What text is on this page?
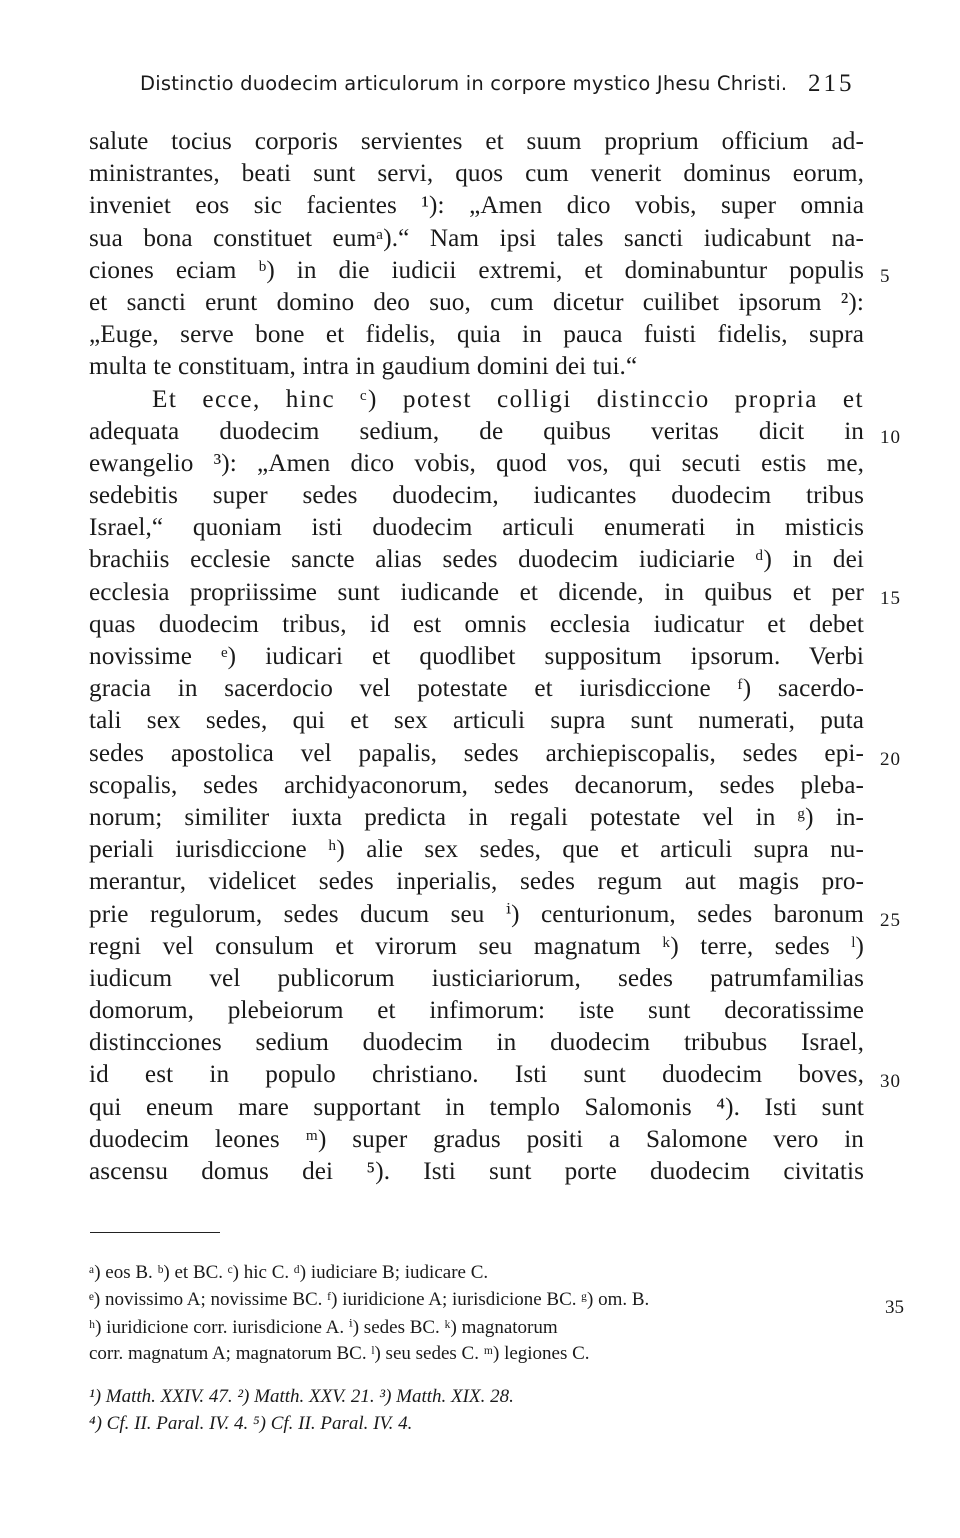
Distinctio duodecim articulorum in corpore mystico Jhesu Christi. 215
salute tocius corporis servientes et suum proprium officium ad-
ministrantes, beati sunt servi, quos cum venerit dominus eorum,
inveniet eos sic facientes ¹): „Amen dico vobis, super omnia
sua bona constituet eumᵃ).“ Nam ipsi tales sancti iudicabunt na-
ciones eciam ᵇ) in die iudicii extremi, et dominabuntur populis
et sancti erunt domino deo suo, cum dicetur cuilibet ipsorum ²):
„Euge, serve bone et fidelis, quia in pauca fuisti fidelis, supra
multa te constituam, intra in gaudium domini dei tui.“
Et ecce, hinc ᶜ) potest colligi distinccio propria et
adequata duodecim sedium, de quibus veritas dicit in
ewangelio ³): „Amen dico vobis, quod vos, qui secuti estis me,
sedebitis super sedes duodecim, iudicantes duodecim tribus
Israel,“ quoniam isti duodecim articuli enumerati in misticis
brachiis ecclesie sancte alias sedes duodecim iudiciarie ᵈ) in dei
ecclesia propriissime sunt iudicande et dicende, in quibus et per
quas duodecim tribus, id est omnis ecclesia iudicatur et debet
novissime ᵉ) iudicari et quodlibet suppositum ipsorum. Verbi
gracia in sacerdocio vel potestate et iurisdiccione ᶠ) sacerdo-
tali sex sedes, qui et sex articuli supra sunt numerati, puta
sedes apostolica vel papalis, sedes archiepiscopalis, sedes epi-
scopalis, sedes archidyaconorum, sedes decanorum, sedes pleba-
norum; similiter iuxta predicta in regali potestate vel in ᵍ) in-
periali iurisdiccione ʰ) alie sex sedes, que et articuli supra nu-
merantur, videlicet sedes inperialis, sedes regum aut magis pro-
prie regulorum, sedes ducum seu ⁱ) centurionum, sedes baronum
regni vel consulum et virorum seu magnatum ᵏ) terre, sedes ˡ)
iudicum vel publicorum iusticiariorum, sedes patrumfamilias
domorum, plebeiorum et infimorum: iste sunt decoratissime
distincciones sedium duodecim in duodecim tribubus Israel,
id est in populo christiano. Isti sunt duodecim boves,
qui eneum mare supportant in templo Salomonis ⁴). Isti sunt
duodecim leones ᵐ) super gradus positi a Salomone vero in
ascensu domus dei ⁵). Isti sunt porte duodecim civitatis
5
10
15
20
25
30
ᵃ) eos B. ᵇ) et BC. ᶜ) hic C. ᵈ) iudiciare B; iudicare C.
ᵉ) novissimo A; novissime BC. ᶠ) iuridicione A; iurisdicione BC. ᵍ) om. B.
ʰ) iuridicione corr. iurisdicione A. ⁱ) sedes BC. ᵏ) magnatorum
corr. magnatum A; magnatorum BC. ˡ) seu sedes C. ᵐ) legiones C.
35
¹) Matth. XXIV. 47. ²) Matth. XXV. 21. ³) Matth. XIX. 28.
⁴) Cf. II. Paral. IV. 4. ⁵) Cf. II. Paral. IV. 4.
